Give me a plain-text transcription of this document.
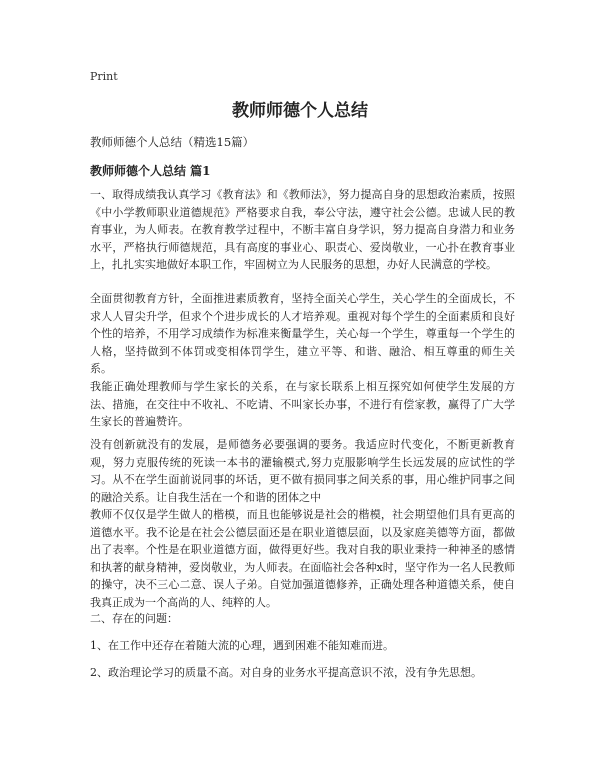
Print
教师师德个人总结
教师师德个人总结（精选15篇）
教师师德个人总结 篇1
一、取得成绩我认真学习《教育法》和《教师法》，努力提高自身的思想政治素质，按照《中小学教师职业道德规范》严格要求自我，奉公守法，遵守社会公德。忠诚人民的教育事业，为人师表。在教育教学过程中，不断丰富自身学识，努力提高自身潜力和业务水平，严格执行师德规范，具有高度的事业心、职责心、爱岗敬业，一心扑在教育事业上，扎扎实实地做好本职工作，牢固树立为人民服务的思想，办好人民满意的学校。
全面贯彻教育方针，全面推进素质教育，坚持全面关心学生，关心学生的全面成长，不求人人冒尖升学，但求个个进步成长的人才培养观。重视对每个学生的全面素质和良好个性的培养，不用学习成绩作为标准来衡量学生，关心每一个学生，尊重每一个学生的人格，坚持做到不体罚或变相体罚学生，建立平等、和谐、融洽、相互尊重的师生关系。
我能正确处理教师与学生家长的关系，在与家长联系上相互探究如何使学生发展的方法、措施，在交往中不收礼、不吃请、不叫家长办事，不进行有偿家教，赢得了广大学生家长的普遍赞许。
没有创新就没有的发展，是师德务必要强调的要务。我适应时代变化，不断更新教育观，努力克服传统的死读一本书的灌输模式,努力克服影响学生长远发展的应试性的学习。从不在学生面前说同事的坏话，更不做有损同事之间关系的事，用心维护同事之间的融洽关系。让自我生活在一个和谐的团体之中
教师不仅仅是学生做人的楷模，而且也能够说是社会的楷模，社会期望他们具有更高的道德水平。我不论是在社会公德层面还是在职业道德层面，以及家庭美德等方面，都做出了表率。个性是在职业道德方面，做得更好些。我对自我的职业秉持一种神圣的感情和执著的献身精神，爱岗敬业，为人师表。在面临社会各种x时，坚守作为一名人民教师的操守，决不三心二意、误人子弟。自觉加强道德修养，正确处理各种道德关系，使自我真正成为一个高尚的人、纯粹的人。
二、存在的问题：
1、在工作中还存在着随大流的心理，遇到困难不能知难而进。
2、政治理论学习的质量不高。对自身的业务水平提高意识不浓，没有争先思想。
